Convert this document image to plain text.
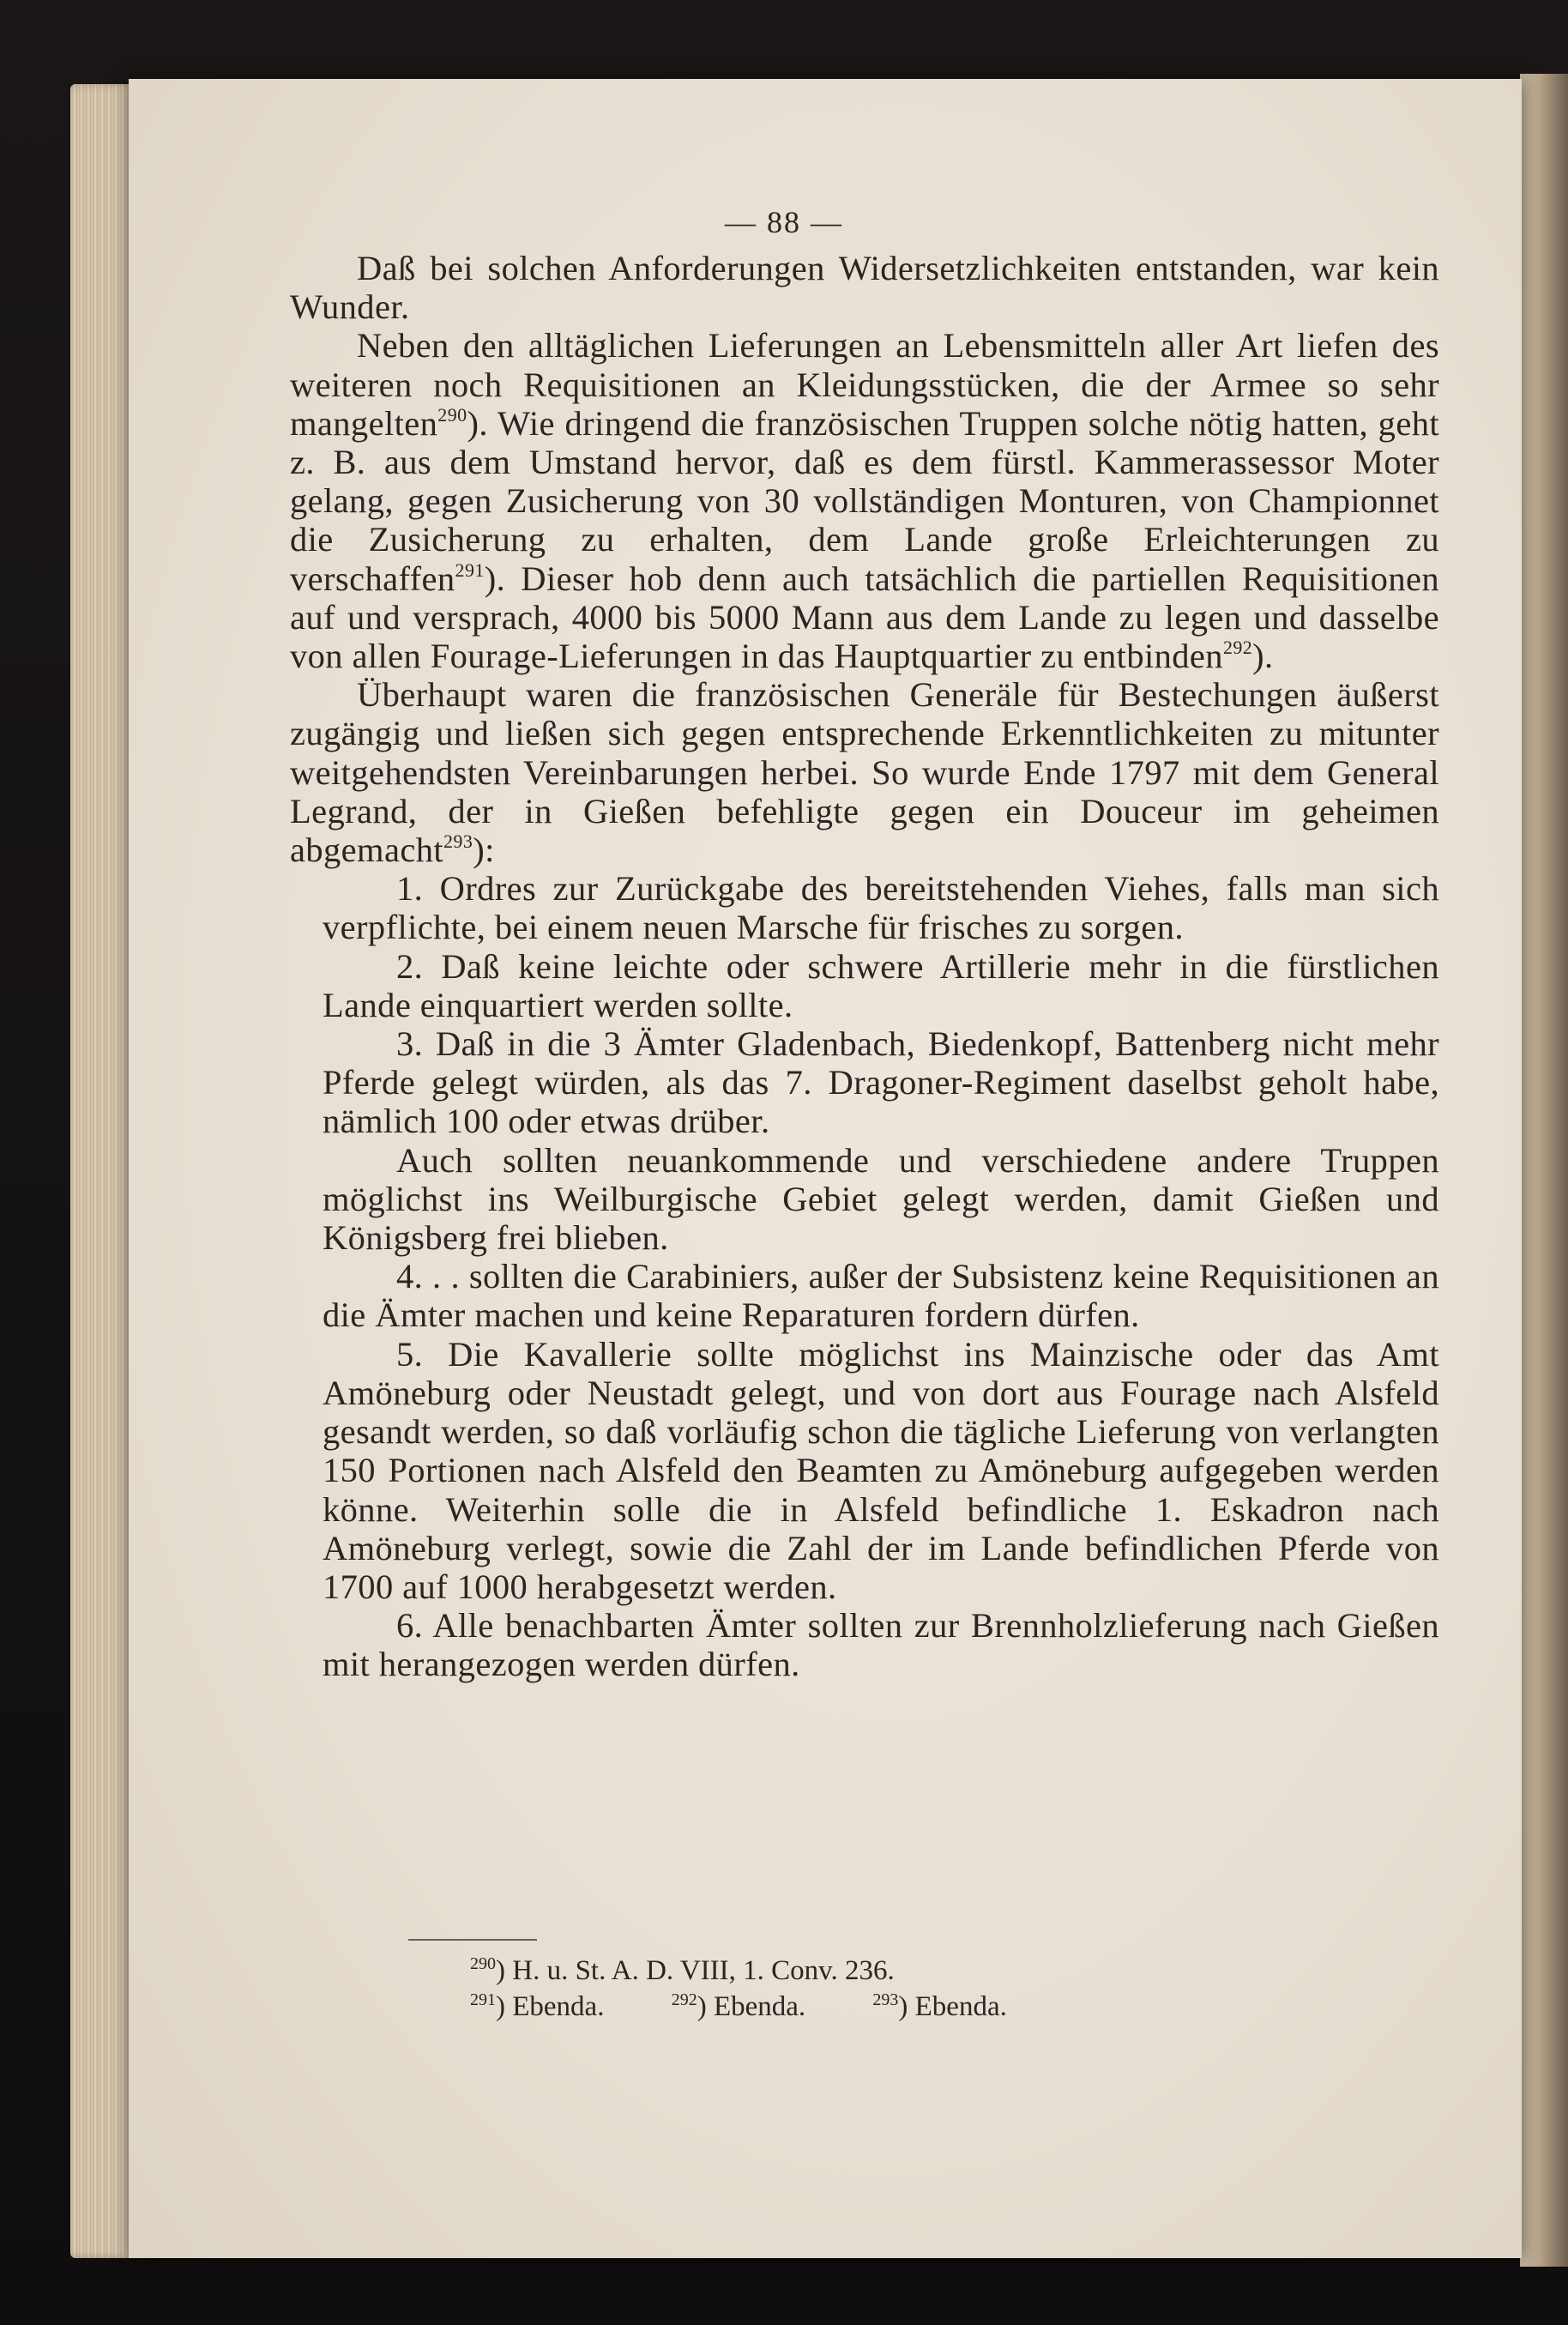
— 88 —

Daß bei solchen Anforderungen Widersetzlichkeiten entstanden, war kein Wunder.

Neben den alltäglichen Lieferungen an Lebensmitteln aller Art liefen des weiteren noch Requisitionen an Kleidungsstücken, die der Armee so sehr mangelten$^{290}$). Wie dringend die französischen Truppen solche nötig hatten, geht z. B. aus dem Umstand hervor, daß es dem fürstl. Kammerassessor Moter gelang, gegen Zusicherung von 30 vollständigen Monturen, von Championnet die Zusicherung zu erhalten, dem Lande große Erleichterungen zu verschaffen$^{291}$). Dieser hob denn auch tatsächlich die partiellen Requisitionen auf und versprach, 4000 bis 5000 Mann aus dem Lande zu legen und dasselbe von allen Fourage-Lieferungen in das Hauptquartier zu entbinden$^{292}$).

Überhaupt waren die französischen Generäle für Bestechungen äußerst zugängig und ließen sich gegen entsprechende Erkenntlichkeiten zu mitunter weitgehendsten Vereinbarungen herbei. So wurde Ende 1797 mit dem General Legrand, der in Gießen befehligte gegen ein Douceur im geheimen abgemacht$^{293}$):

1. Ordres zur Zurückgabe des bereitstehenden Viehes, falls man sich verpflichte, bei einem neuen Marsche für frisches zu sorgen.

2. Daß keine leichte oder schwere Artillerie mehr in die fürstlichen Lande einquartiert werden sollte.

3. Daß in die 3 Ämter Gladenbach, Biedenkopf, Battenberg nicht mehr Pferde gelegt würden, als das 7. Dragoner-Regiment daselbst geholt habe, nämlich 100 oder etwas drüber.

Auch sollten neuankommende und verschiedene andere Truppen möglichst ins Weilburgische Gebiet gelegt werden, damit Gießen und Königsberg frei blieben.

4. . . sollten die Carabiniers, außer der Subsistenz keine Requisitionen an die Ämter machen und keine Reparaturen fordern dürfen.

5. Die Kavallerie sollte möglichst ins Mainzische oder das Amt Amöneburg oder Neustadt gelegt, und von dort aus Fourage nach Alsfeld gesandt werden, so daß vorläufig schon die tägliche Lieferung von verlangten 150 Portionen nach Alsfeld den Beamten zu Amöneburg aufgegeben werden könne. Weiterhin solle die in Alsfeld befindliche 1. Eskadron nach Amöneburg verlegt, sowie die Zahl der im Lande befindlichen Pferde von 1700 auf 1000 herabgesetzt werden.

6. Alle benachbarten Ämter sollten zur Brennholzlieferung nach Gießen mit herangezogen werden dürfen.

$^{290}$) H. u. St. A. D. VIII, 1. Conv. 236.
$^{291}$) Ebenda.	$^{292}$) Ebenda.	$^{293}$) Ebenda.
